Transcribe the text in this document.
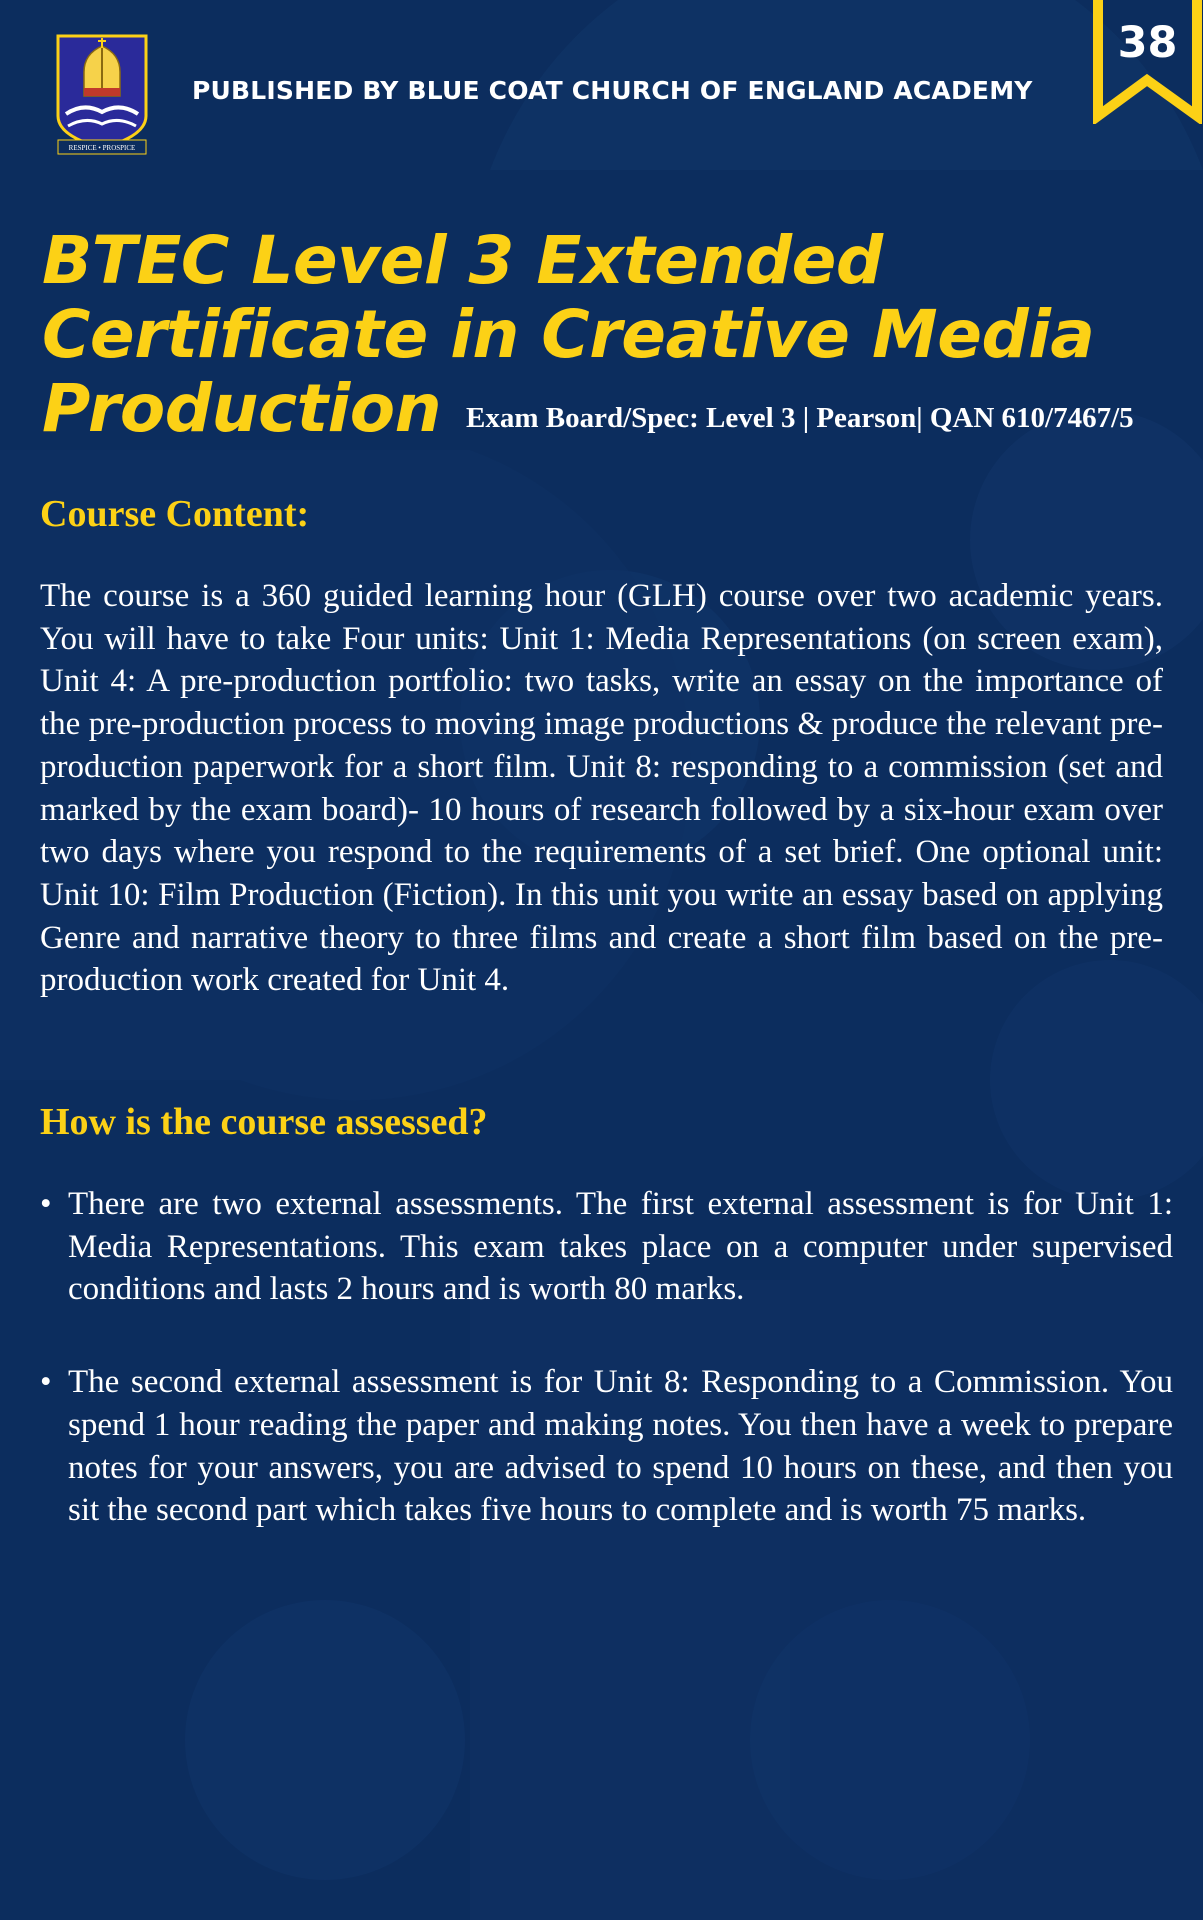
RESPICE • PROSPICE
PUBLISHED BY BLUE COAT CHURCH OF ENGLAND ACADEMY
38
BTEC Level 3 Extended
Certificate in Creative Media
Production Exam Board/Spec: Level 3 | Pearson| QAN 610/7467/5
Course Content:

The course is a 360 guided learning hour (GLH) course over two academic years. You will have to take Four units: Unit 1: Media Representations (on screen exam), Unit 4: A pre-production portfolio: two tasks, write an essay on the importance of the pre-production process to moving image productions & produce the relevant pre-production paperwork for a short film. Unit 8: responding to a commission (set and marked by the exam board)- 10 hours of research followed by a six-hour exam over two days where you respond to the requirements of a set brief. One optional unit: Unit 10: Film Production (Fiction). In this unit you write an essay based on applying Genre and narrative theory to three films and create a short film based on the pre-production work created for Unit 4.

How is the course assessed?
• There are two external assessments. The first external assessment is for Unit 1: Media Representations. This exam takes place on a computer under supervised conditions and lasts 2 hours and is worth 80 marks.
• The second external assessment is for Unit 8: Responding to a Commission. You spend 1 hour reading the paper and making notes. You then have a week to prepare notes for your answers, you are advised to spend 10 hours on these, and then you sit the second part which takes five hours to complete and is worth 75 marks.
